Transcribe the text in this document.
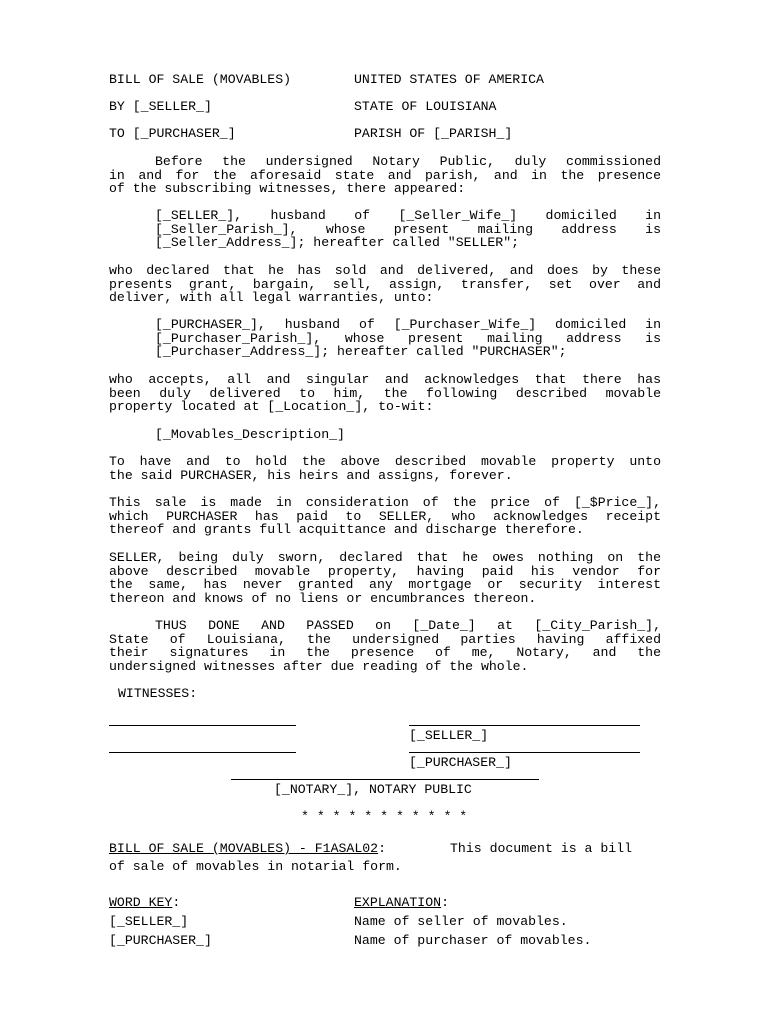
BILL OF SALE (MOVABLES)	UNITED STATES OF AMERICA
BY [_SELLER_]	STATE OF LOUISIANA
TO [_PURCHASER_]	PARISH OF [_PARISH_]
Before the undersigned Notary Public, duly commissioned
in and for the aforesaid state and parish, and in the presence
of the subscribing witnesses, there appeared:
[_SELLER_], husband of [_Seller_Wife_] domiciled in
[_Seller_Parish_], whose present mailing address is
[_Seller_Address_]; hereafter called "SELLER";
who declared that he has sold and delivered, and does by these
presents grant, bargain, sell, assign, transfer, set over and
deliver, with all legal warranties, unto:
[_PURCHASER_], husband of [_Purchaser_Wife_] domiciled in
[_Purchaser_Parish_], whose present mailing address is
[_Purchaser_Address_]; hereafter called "PURCHASER";
who accepts, all and singular and acknowledges that there has
been duly delivered to him, the following described movable
property located at [_Location_], to-wit:
[_Movables_Description_]
To have and to hold the above described movable property unto
the said PURCHASER, his heirs and assigns, forever.
This sale is made in consideration of the price of [_$Price_],
which PURCHASER has paid to SELLER, who acknowledges receipt
thereof and grants full acquittance and discharge therefore.
SELLER, being duly sworn, declared that he owes nothing on the
above described movable property, having paid his vendor for
the same, has never granted any mortgage or security interest
thereon and knows of no liens or encumbrances thereon.
THUS DONE AND PASSED on [_Date_] at [_City_Parish_],
State of Louisiana, the undersigned parties having affixed
their signatures in the presence of me, Notary, and the
undersigned witnesses after due reading of the whole.
WITNESSES:
[_SELLER_]
[_PURCHASER_]
[_NOTARY_], NOTARY PUBLIC
* * * * * * * * * * *
BILL OF SALE (MOVABLES) - F1ASAL02:	This document is a bill
of sale of movables in notarial form.
WORD KEY:	EXPLANATION:
[_SELLER_]	Name of seller of movables.
[_PURCHASER_]	Name of purchaser of movables.
